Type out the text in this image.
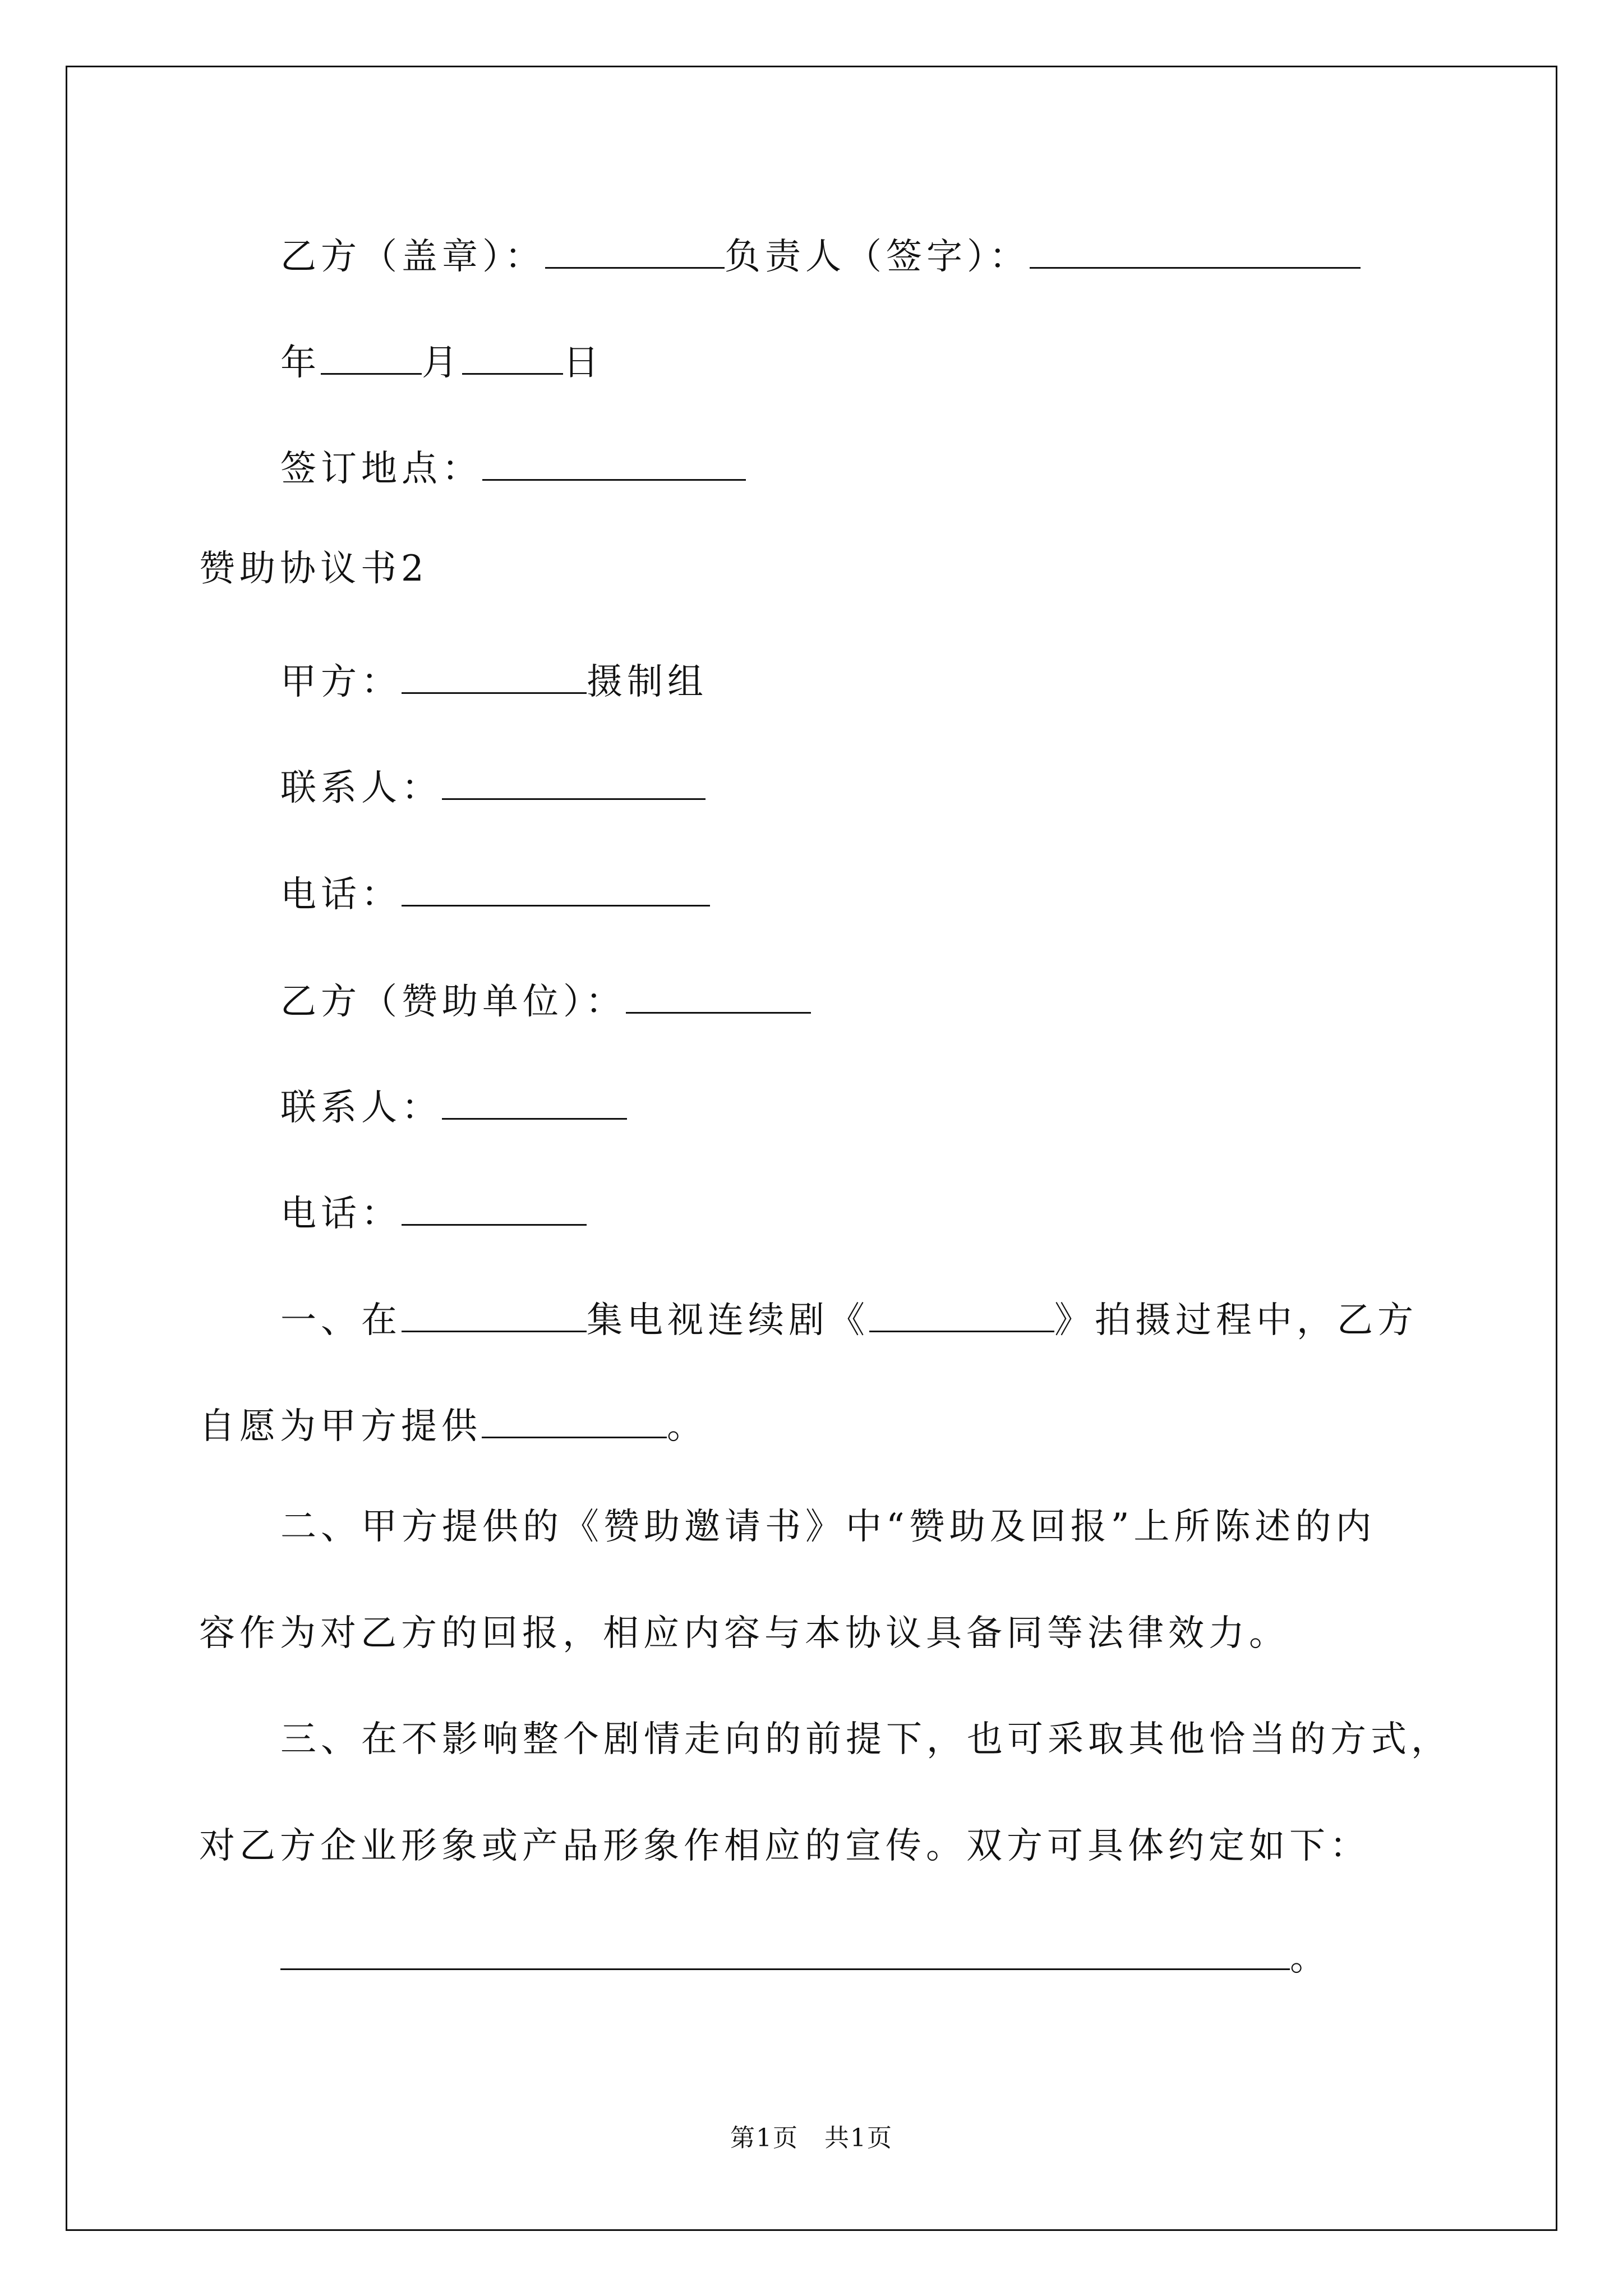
乙方（盖章）：	负责人（签字）：
年	月	日
签订地点：
赞助协议书2
甲方：	摄制组
联系人：
电话：
乙方（赞助单位）：
联系人：
电话：
一、在	集电视连续剧《	》拍摄过程中，乙方
自愿为甲方提供	。
二、甲方提供的《赞助邀请书》中“赞助及回报”上所陈述的内
容作为对乙方的回报，相应内容与本协议具备同等法律效力。
三、在不影响整个剧情走向的前提下，也可采取其他恰当的方式，
对乙方企业形象或产品形象作相应的宣传。双方可具体约定如下：
。
第1页　共1页
